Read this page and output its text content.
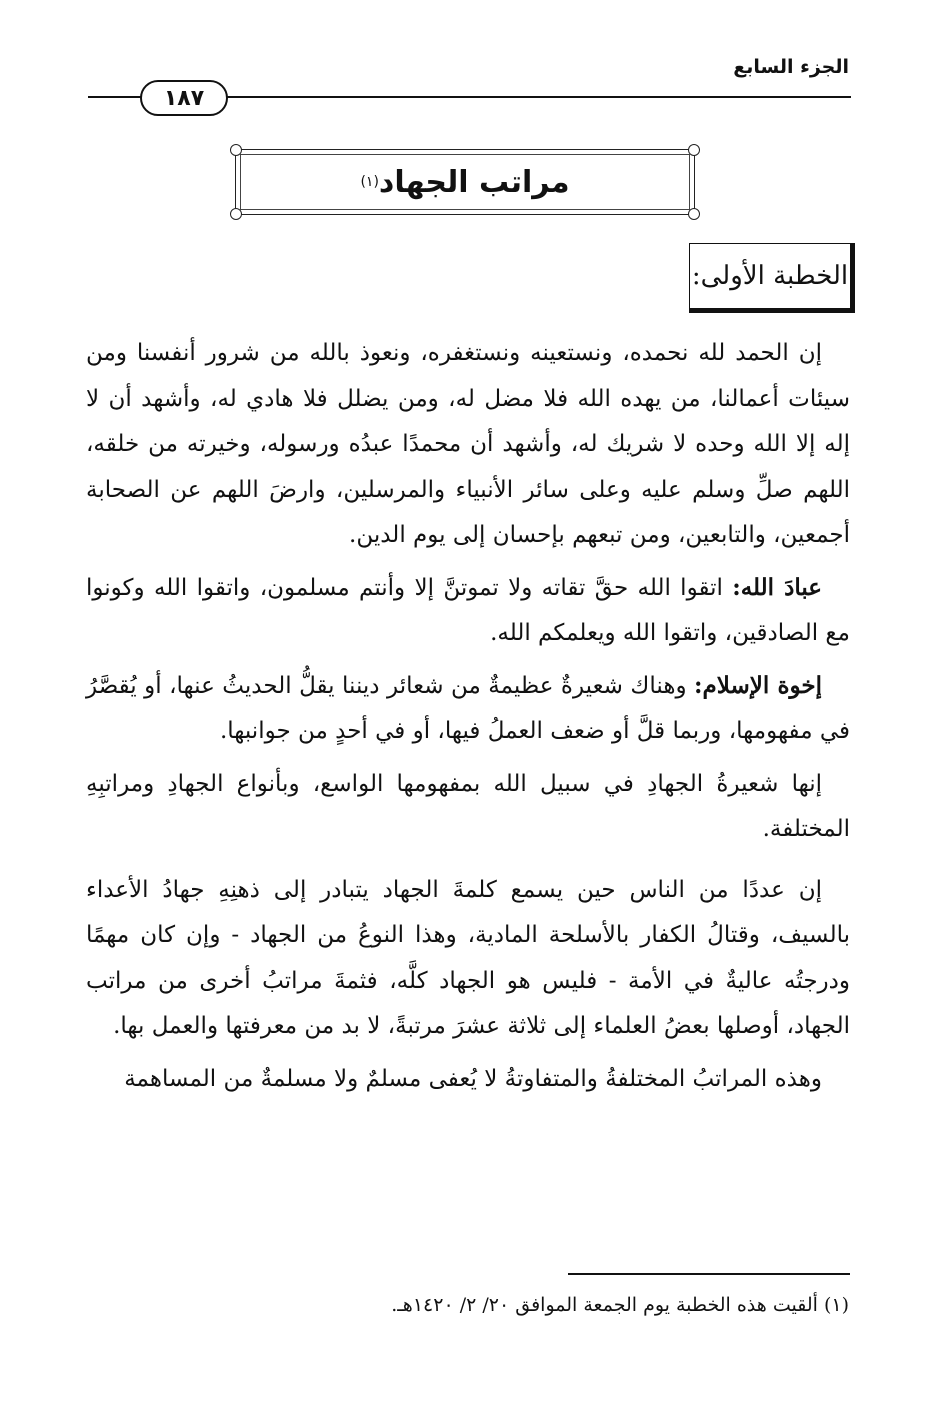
الجزء السابع
١٨٧
مراتب الجهاد
(١)
الخطبة الأولى:

إن الحمد لله نحمده، ونستعينه ونستغفره، ونعوذ بالله من شرور أنفسنا ومن سيئات أعمالنا، من يهده الله فلا مضل له، ومن يضلل فلا هادي له، وأشهد أن لا إله إلا الله وحده لا شريك له، وأشهد أن محمدًا عبدُه ورسوله، وخيرته من خلقه، اللهم صلِّ وسلم عليه وعلى سائر الأنبياء والمرسلين، وارضَ اللهم عن الصحابة أجمعين، والتابعين، ومن تبعهم بإحسان إلى يوم الدين.

عبادَ الله: اتقوا الله حقَّ تقاته ولا تموتنَّ إلا وأنتم مسلمون، واتقوا الله وكونوا مع الصادقين، واتقوا الله ويعلمكم الله.

إخوة الإسلام: وهناك شعيرةٌ عظيمةٌ من شعائر ديننا يقلُّ الحديثُ عنها، أو يُقصَّرُ في مفهومها، وربما قلَّ أو ضعف العملُ فيها، أو في أحدٍ من جوانبها.

إنها شعيرةُ الجهادِ في سبيل الله بمفهومها الواسع، وبأنواع الجهادِ ومراتبِهِ المختلفة.

إن عددًا من الناس حين يسمع كلمةَ الجهاد يتبادر إلى ذهنِهِ جهادُ الأعداء بالسيف، وقتالُ الكفار بالأسلحة المادية، وهذا النوعُ من الجهاد - وإن كان مهمًا ودرجتُه عاليةٌ في الأمة - فليس هو الجهاد كلَّه، فثمةَ مراتبُ أخرى من مراتب الجهاد، أوصلها بعضُ العلماء إلى ثلاثة عشرَ مرتبةً، لا بد من معرفتها والعمل بها.

وهذه المراتبُ المختلفةُ والمتفاوتةُ لا يُعفى مسلمٌ ولا مسلمةٌ من المساهمة

(١) ألقيت هذه الخطبة يوم الجمعة الموافق ٢٠/ ٢/ ١٤٢٠هـ.
